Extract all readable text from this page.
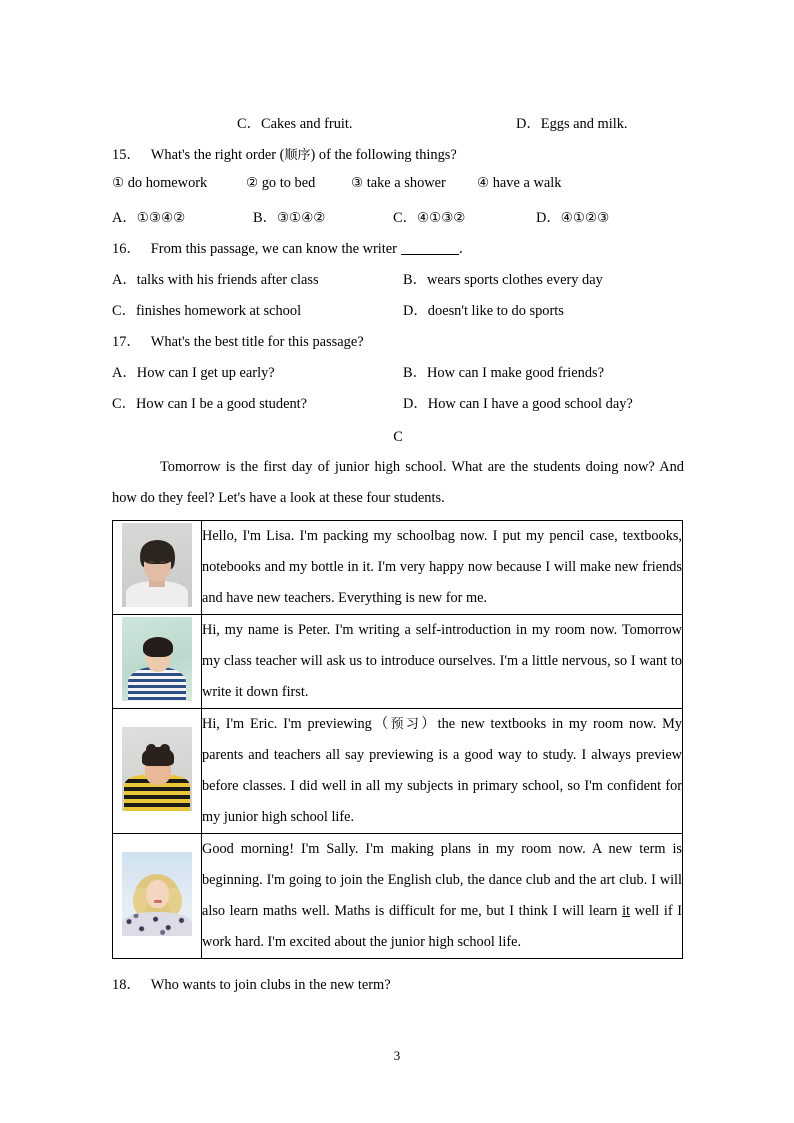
C．Cakes and fruit.	D．Eggs and milk.
15． What's the right order (顺序) of the following things?
① do homework	② go to bed	③ take a shower ④ have a walk
A．①③④②	B．③①④②	C．④①③②	D．④①②③
16． From this passage, we can know the writer	．
A．talks with his friends after class	B．wears sports clothes every day
C．finishes homework at school	D．doesn't like to do sports
17． What's the best title for this passage?
A．How can I get up early?	B．How can I make good friends?
C．How can I be a good student?	D．How can I have a good school day?
C
Tomorrow is the first day of junior high school. What are the students doing now? And how do they feel? Let's have a look at these four students.

	Hello, I'm Lisa. I'm packing my schoolbag now. I put my pencil case, textbooks, notebooks and my bottle in it. I'm very happy now because I will make new friends and have new teachers. Everything is new for me.

	Hi, my name is Peter. I'm writing a self-introduction in my room now. Tomorrow my class teacher will ask us to introduce ourselves. I'm a little nervous, so I want to write it down first.

	Hi, I'm Eric. I'm previewing（预习）the new textbooks in my room now. My parents and teachers all say previewing is a good way to study. I always preview before classes. I did well in all my subjects in primary school, so I'm confident for my junior high school life.

	Good morning! I'm Sally. I'm making plans in my room now. A new term is beginning. I'm going to join the English club, the dance club and the art club. I will also learn maths well. Maths is difficult for me, but I think I will learn it well if I work hard. I'm excited about the junior high school life.
18． Who wants to join clubs in the new term?
3
